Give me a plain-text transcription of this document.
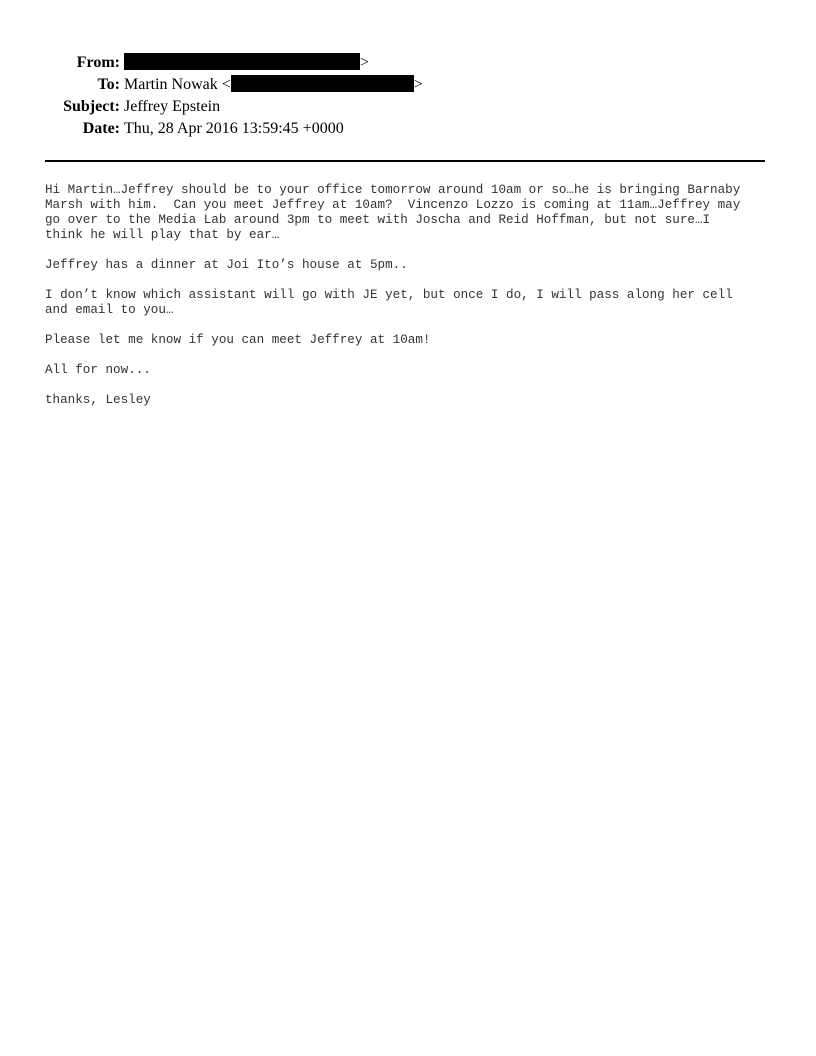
From:	>
To: Martin Nowak <	>
Subject: Jeffrey Epstein
Date: Thu, 28 Apr 2016 13:59:45 +0000

Hi Martin…Jeffrey should be to your office tomorrow around 10am or so…he is bringing Barnaby
Marsh with him.  Can you meet Jeffrey at 10am?  Vincenzo Lozzo is coming at 11am…Jeffrey may
go over to the Media Lab around 3pm to meet with Joscha and Reid Hoffman, but not sure…I
think he will play that by ear…

Jeffrey has a dinner at Joi Ito’s house at 5pm..

I don’t know which assistant will go with JE yet, but once I do, I will pass along her cell
and email to you…

Please let me know if you can meet Jeffrey at 10am!

All for now...

thanks, Lesley
